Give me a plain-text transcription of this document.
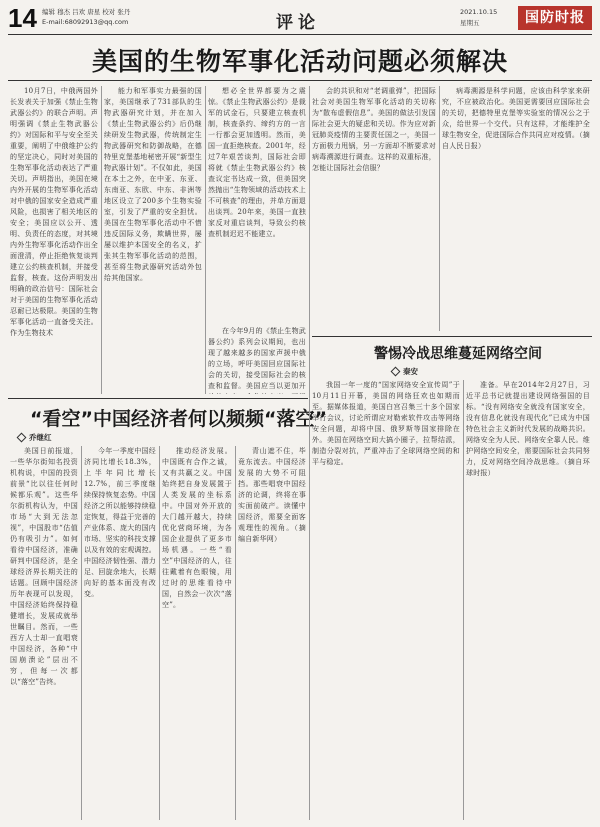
14 编辑 穆杰 吕欢 唐星 校对 张丹
E-mail:68092913@qq.com	评论
2021.10.15
星期五	国防时报
美国的生物军事化活动问题必须解决

10月7日，中俄两国外长发表关于加强《禁止生物武器公约》的联合声明。声明强调《禁止生物武器公约》对国际和平与安全至关重要，阐明了中俄维护公约的坚定决心，同时对美国的生物军事化活动表达了严重关切。声明指出，美国在境内外开展的生物军事化活动对中俄的国家安全造成严重风险，也损害了相关地区的安全；美国应以公开、透明、负责任的态度，对其境内外生物军事化活动作出全面澄清，停止拒绝恢复谈判建立公约核查机制，并接受监督，核查。这份声明发出明确的政治信号：国际社会对于美国的生物军事化活动忍耐已达极限。美国的生物军事化活动一直备受关注。作为生物技术

能力和军事实力最强的国家，美国继承了731部队的生物武器研究计划，并在加入《禁止生物武器公约》后仍继续研发生物武器，传统制定生物武器研究和防御战略，在德特里克堡基地秘密开展“新型生物武器计划”。不仅如此，美国在本土之外，在中亚、东亚、东南亚、东欧、中东、非洲等地区设立了200多个生物实验室，引发了严重的安全担忧。美国在生物军事化活动中不惜违反国际义务，欺瞒世界，屡屡以维护本国安全的名义，扩张其生物军事化活动的范围，甚至将生物武器研究活动外包给其他国家。

想必全世界都要为之震惊。《禁止生物武器公约》是裁军的试金石，只要建立核查机制，核查条约、缔约方的一言一行都会更加透明。然而，美国一直拒绝核查。2001年，经过7年艰苦谈判，国际社会即将就《禁止生物武器公约》核查议定书达成一致，但美国突然抛出“生物领域的活动技术上不可核查”的理由，并单方面退出谈判。20年来，美国一直独家反对重启谈判，导致公约核查机制迟迟不能建立。

在今年9月的《禁止生物武器公约》系列会议期间，也出现了越来越多的国家声援中俄的立场，呼吁美国回应国际社会的关切，接受国际社会的核查和监督。美国应当以更加开

会的共识和对“老调重弹”，把国际社会对美国生物军事化活动的关切称为“散布虚假信息”。美国的做法引发国际社会更大的疑虑和关切。作为应对新冠肺炎疫情的主要责任国之一，美国一方面极力甩锅，另一方面却不断要求对病毒溯源进行调查。这样的双重标准，怎能让国际社会信服？

病毒溯源是科学问题，应该由科学家来研究，不应被政治化。美国更需要回应国际社会的关切，把德特里克堡等实验室的情况公之于众，给世界一个交代。只有这样，才能维护全球生物安全，促进国际合作共同应对疫情。（摘自人民日报）

警惕冷战思维蔓延网络空间
秦安

我国一年一度的“国家网络安全宣传周”于10月11日开幕，美国的网络狂欢也如期而至。据媒体报道，美国白宫召集三十多个国家举行会议，讨论所谓应对勒索软件攻击等网络安全问题，却将中国、俄罗斯等国家排除在外。美国在网络空间大搞小圈子，拉帮结派，制造分裂对抗，严重冲击了全球网络空间的和平与稳定。

准备。早在2014年2月27日，习近平总书记就提出建设网络强国的目标。“没有网络安全就没有国家安全，没有信息化就没有现代化”已成为中国特色社会主义新时代发展的战略共识。网络安全为人民、网络安全靠人民。维护网络空间安全，需要国际社会共同努力，反对网络空间冷战思维。（摘自环球时报）

“看空”中国经济者何以频频“落空”
乔继红

美国日前报道，一些华尔街知名投资机构说，中国的投资前景“比以往任何时候都乐观”。这些华尔街机构认为，中国市场“大到无法忽视”，中国股市“估值仍有吸引力”。如何看待中国经济，准确研判中国经济，是全球经济界长期关注的话题。回顾中国经济历年表现可以发现，中国经济始终保持稳健增长，发展成就举世瞩目。然而，一些西方人士却一直唱衰中国经济，各种“中国崩溃论”层出不穷，但每一次都以“落空”告终。

今年一季度中国经济同比增长18.3%，上半年同比增长12.7%，前三季度继续保持恢复态势。中国经济之所以能够持续稳定恢复，得益于完善的产业体系、庞大的国内市场、坚实的科技支撑以及有效的宏观调控。中国经济韧性强、潜力足、回旋余地大，长期向好的基本面没有改变。

推动经济发展。中国既有合作之诚，又有共赢之义。中国始终把自身发展置于人类发展的坐标系中。中国对外开放的大门越开越大，持续优化营商环境，为各国企业提供了更多市场机遇。一些“看空”中国经济的人，往往戴着有色眼镜，用过时的思维看待中国，自然会一次次“落空”。

青山遮不住，毕竟东流去。中国经济发展的大势不可阻挡。那些唱衰中国经济的论调，终将在事实面前破产。读懂中国经济，需要全面客观理性的视角。（摘编自新华网）
